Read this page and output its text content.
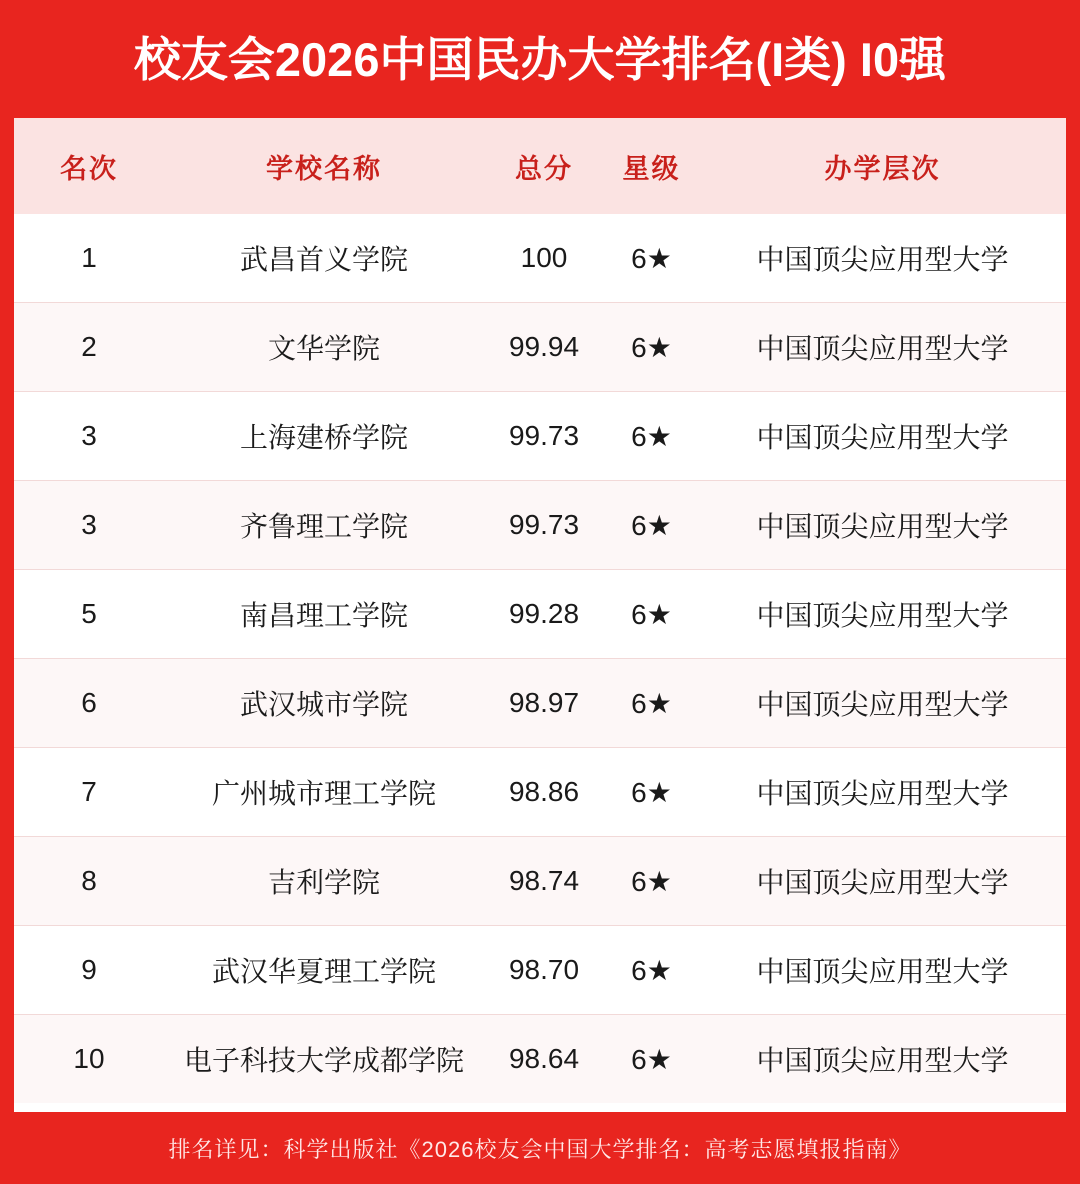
校友会2026中国民办大学排名(I类) I0强
名次	学校名称	总分	星级	办学层次
1	武昌首义学院	100	6★	中国顶尖应用型大学
2	文华学院	99.94	6★	中国顶尖应用型大学
3	上海建桥学院	99.73	6★	中国顶尖应用型大学
3	齐鲁理工学院	99.73	6★	中国顶尖应用型大学
5	南昌理工学院	99.28	6★	中国顶尖应用型大学
6	武汉城市学院	98.97	6★	中国顶尖应用型大学
7	广州城市理工学院	98.86	6★	中国顶尖应用型大学
8	吉利学院	98.74	6★	中国顶尖应用型大学
9	武汉华夏理工学院	98.70	6★	中国顶尖应用型大学
10	电子科技大学成都学院	98.64	6★	中国顶尖应用型大学
排名详见：科学出版社《2026校友会中国大学排名：高考志愿填报指南》
